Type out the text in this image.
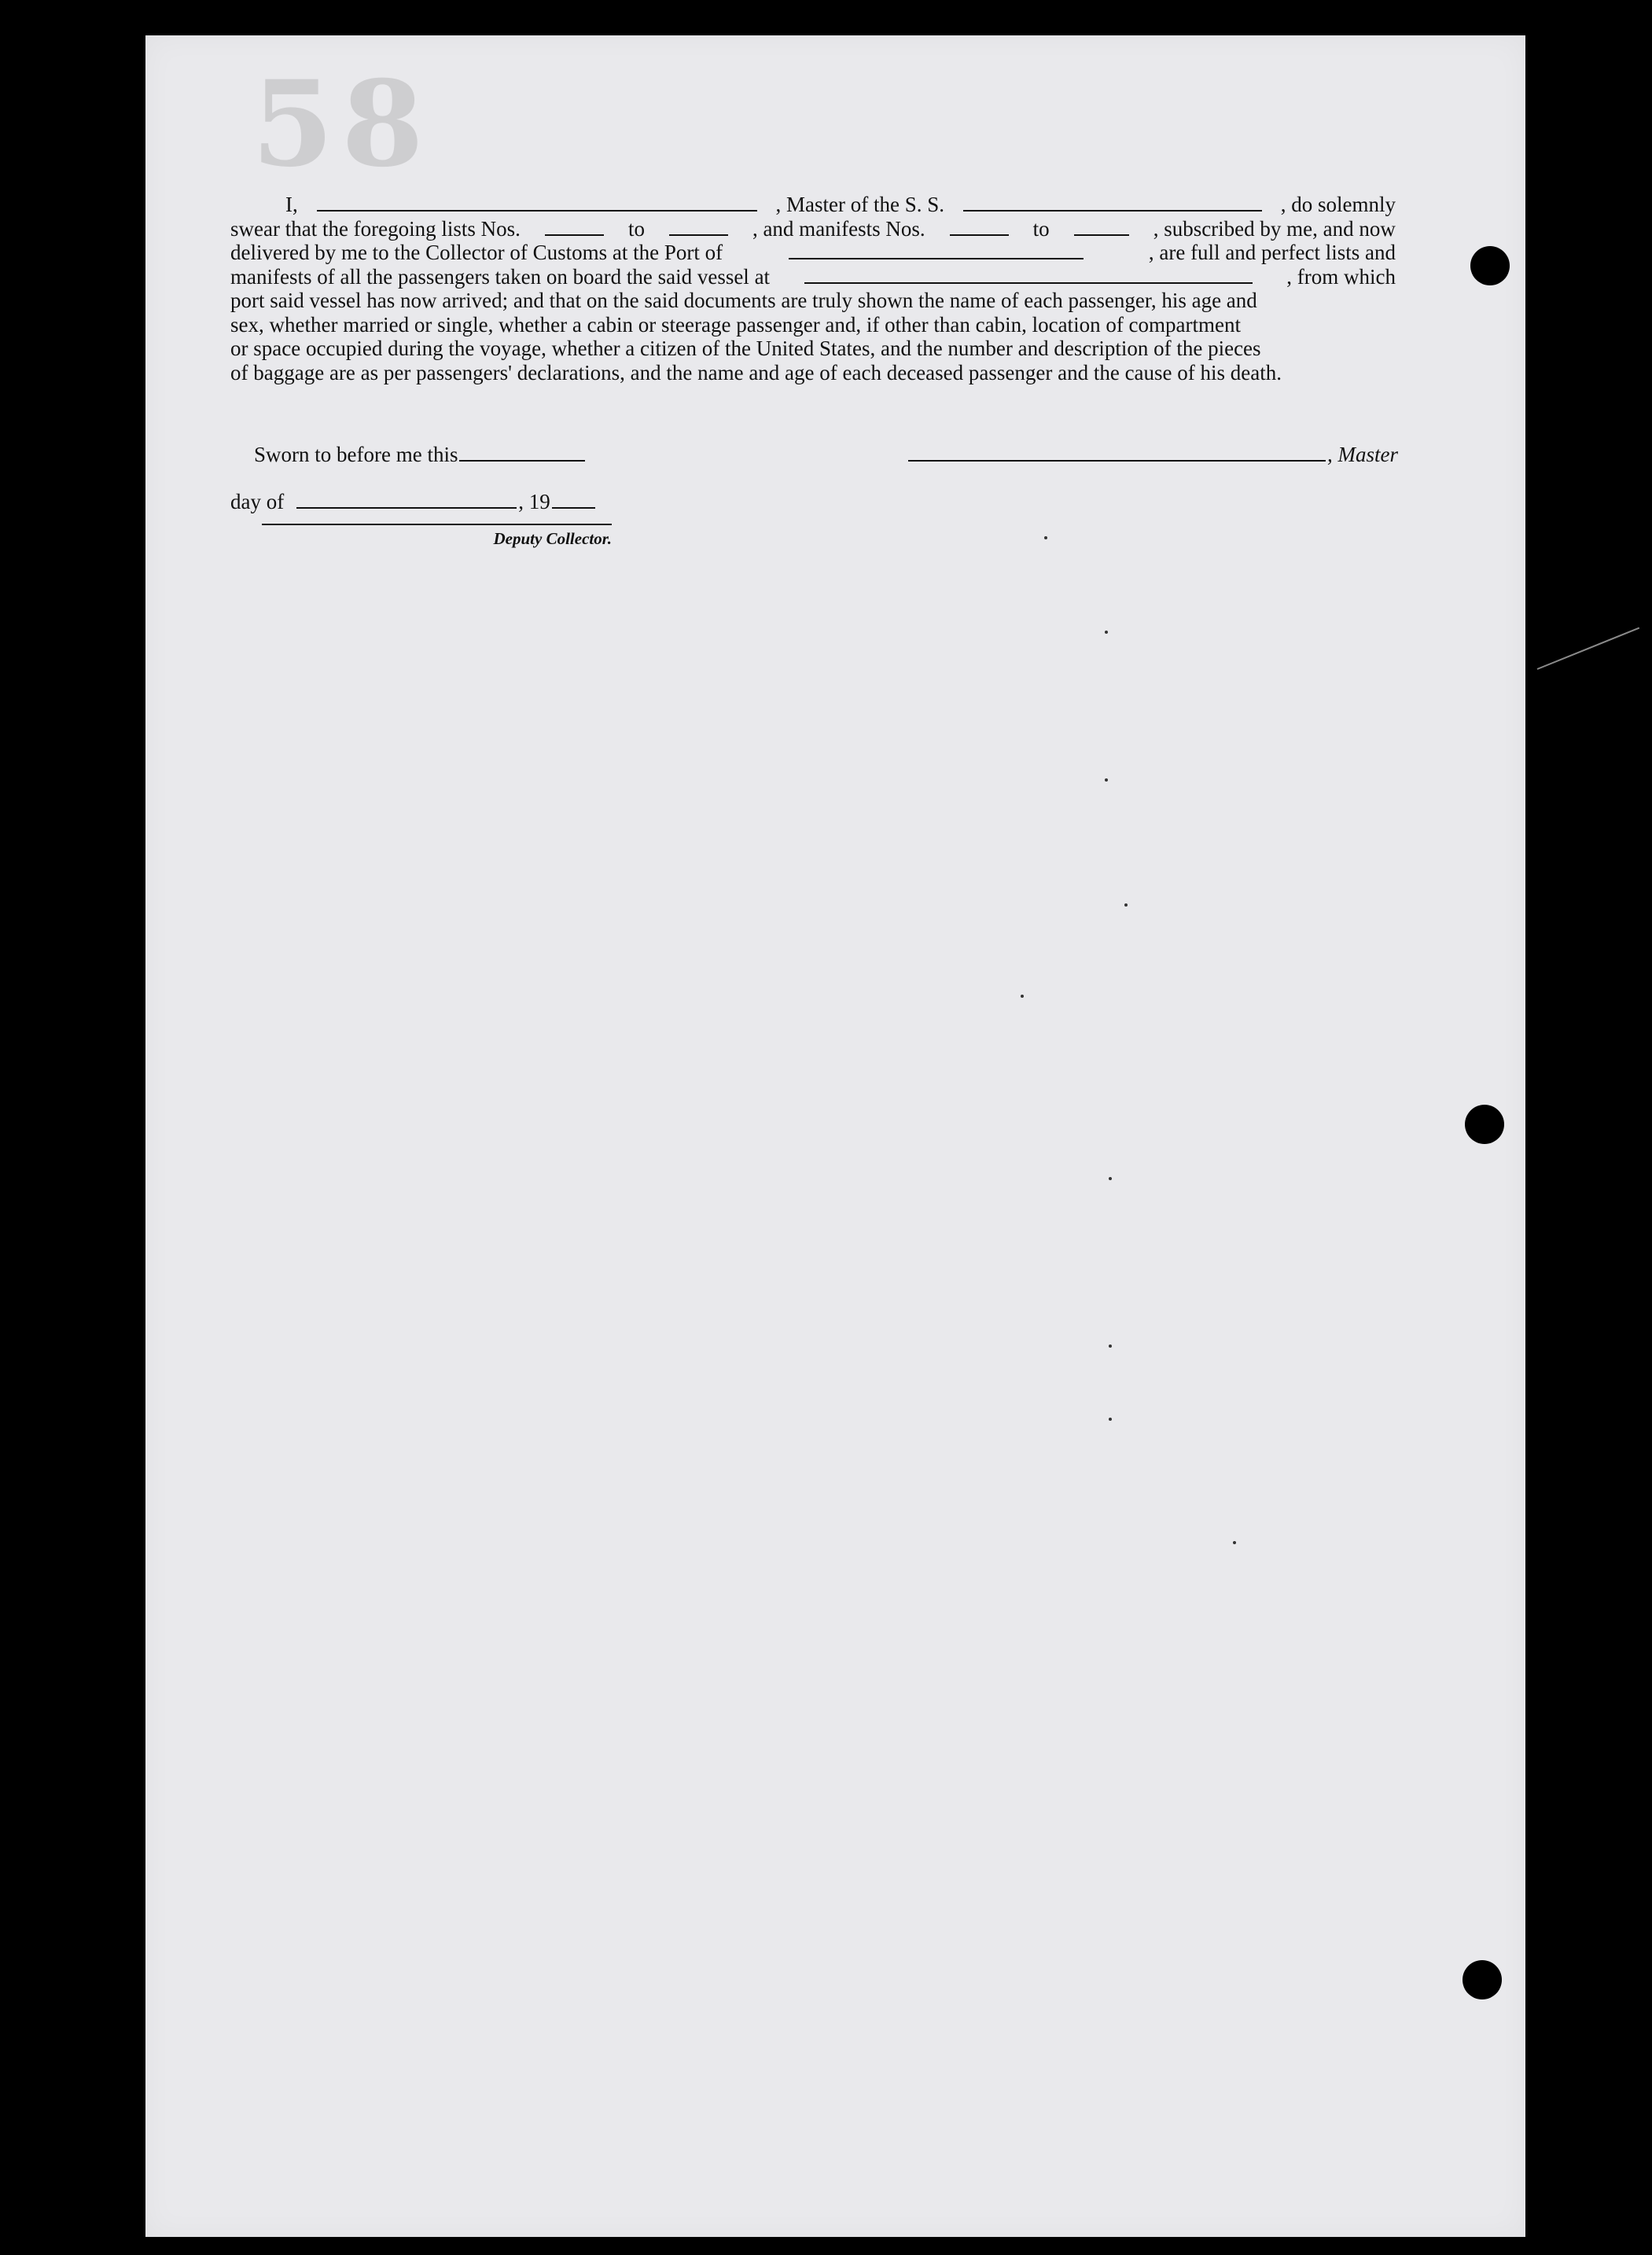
58
I,	, Master of the S. S.	, do solemnly
swear that the foregoing lists Nos.	to	, and manifests Nos.	to	, subscribed by me, and now
delivered by me to the Collector of Customs at the Port of	, are full and perfect lists and
manifests of all the passengers taken on board the said vessel at	, from which
port said vessel has now arrived; and that on the said documents are truly shown the name of each passenger, his age and
sex, whether married or single, whether a cabin or steerage passenger and, if other than cabin, location of compartment
or space occupied during the voyage, whether a citizen of the United States, and the number and description of the pieces
of baggage are as per passengers' declarations, and the name and age of each deceased passenger and the cause of his death.
Sworn to before me this	, Master
day of	, 19
Deputy Collector.
